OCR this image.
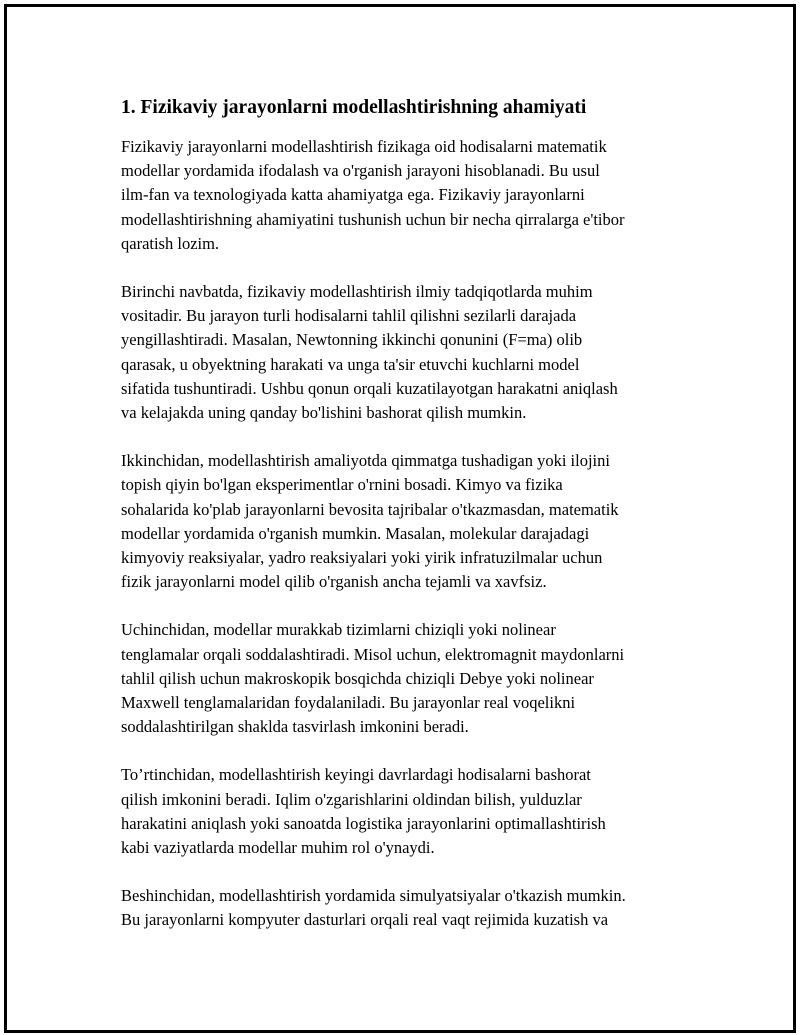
1. Fizikaviy jarayonlarni modellashtirishning ahamiyati

Fizikaviy jarayonlarni modellashtirish fizikaga oid hodisalarni matematik
modellar yordamida ifodalash va o'rganish jarayoni hisoblanadi. Bu usul
ilm-fan va texnologiyada katta ahamiyatga ega. Fizikaviy jarayonlarni
modellashtirishning ahamiyatini tushunish uchun bir necha qirralarga e'tibor
qaratish lozim.

Birinchi navbatda, fizikaviy modellashtirish ilmiy tadqiqotlarda muhim
vositadir. Bu jarayon turli hodisalarni tahlil qilishni sezilarli darajada
yengillashtiradi. Masalan, Newtonning ikkinchi qonunini (F=ma) olib
qarasak, u obyektning harakati va unga ta'sir etuvchi kuchlarni model
sifatida tushuntiradi. Ushbu qonun orqali kuzatilayotgan harakatni aniqlash
va kelajakda uning qanday bo'lishini bashorat qilish mumkin.

Ikkinchidan, modellashtirish amaliyotda qimmatga tushadigan yoki ilojini
topish qiyin bo'lgan eksperimentlar o'rnini bosadi. Kimyo va fizika
sohalarida ko'plab jarayonlarni bevosita tajribalar o'tkazmasdan, matematik
modellar yordamida o'rganish mumkin. Masalan, molekular darajadagi
kimyoviy reaksiyalar, yadro reaksiyalari yoki yirik infratuzilmalar uchun
fizik jarayonlarni model qilib o'rganish ancha tejamli va xavfsiz.

Uchinchidan, modellar murakkab tizimlarni chiziqli yoki nolinear
tenglamalar orqali soddalashtiradi. Misol uchun, elektromagnit maydonlarni
tahlil qilish uchun makroskopik bosqichda chiziqli Debye yoki nolinear
Maxwell tenglamalaridan foydalaniladi. Bu jarayonlar real voqelikni
soddalashtirilgan shaklda tasvirlash imkonini beradi.

To’rtinchidan, modellashtirish keyingi davrlardagi hodisalarni bashorat
qilish imkonini beradi. Iqlim o'zgarishlarini oldindan bilish, yulduzlar
harakatini aniqlash yoki sanoatda logistika jarayonlarini optimallashtirish
kabi vaziyatlarda modellar muhim rol o'ynaydi.

Beshinchidan, modellashtirish yordamida simulyatsiyalar o'tkazish mumkin.
Bu jarayonlarni kompyuter dasturlari orqali real vaqt rejimida kuzatish va
